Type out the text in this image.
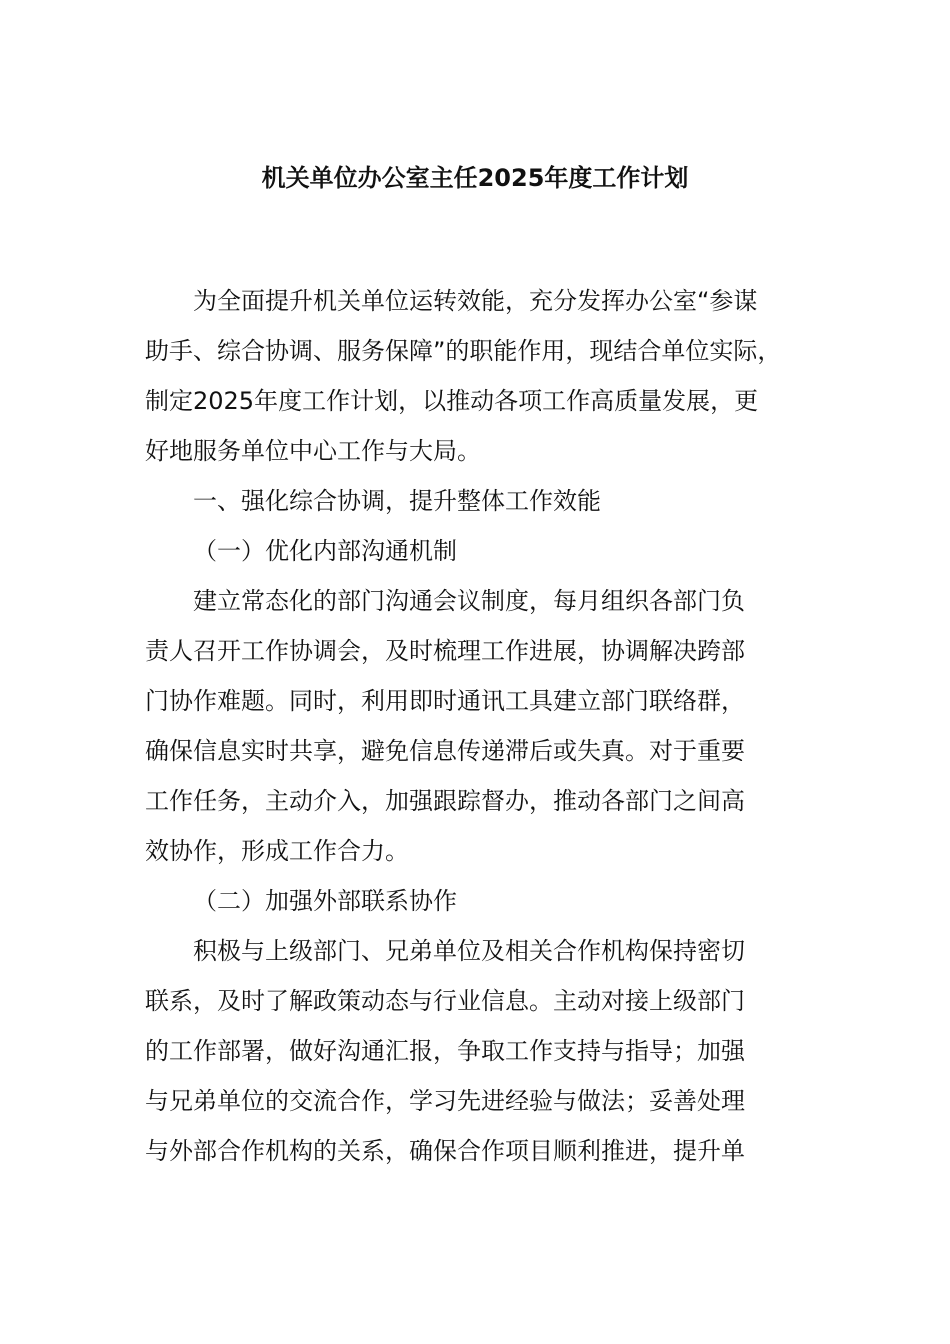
机关单位办公室主任2025年度工作计划
为全面提升机关单位运转效能，充分发挥办公室“参谋
助手、综合协调、服务保障”的职能作用，现结合单位实际，
制定2025年度工作计划，以推动各项工作高质量发展，更
好地服务单位中心工作与大局。
一、强化综合协调，提升整体工作效能
（一）优化内部沟通机制
建立常态化的部门沟通会议制度，每月组织各部门负
责人召开工作协调会，及时梳理工作进展，协调解决跨部
门协作难题。同时，利用即时通讯工具建立部门联络群，
确保信息实时共享，避免信息传递滞后或失真。对于重要
工作任务，主动介入，加强跟踪督办，推动各部门之间高
效协作，形成工作合力。
（二）加强外部联系协作
积极与上级部门、兄弟单位及相关合作机构保持密切
联系，及时了解政策动态与行业信息。主动对接上级部门
的工作部署，做好沟通汇报，争取工作支持与指导；加强
与兄弟单位的交流合作，学习先进经验与做法；妥善处理
与外部合作机构的关系，确保合作项目顺利推进，提升单
